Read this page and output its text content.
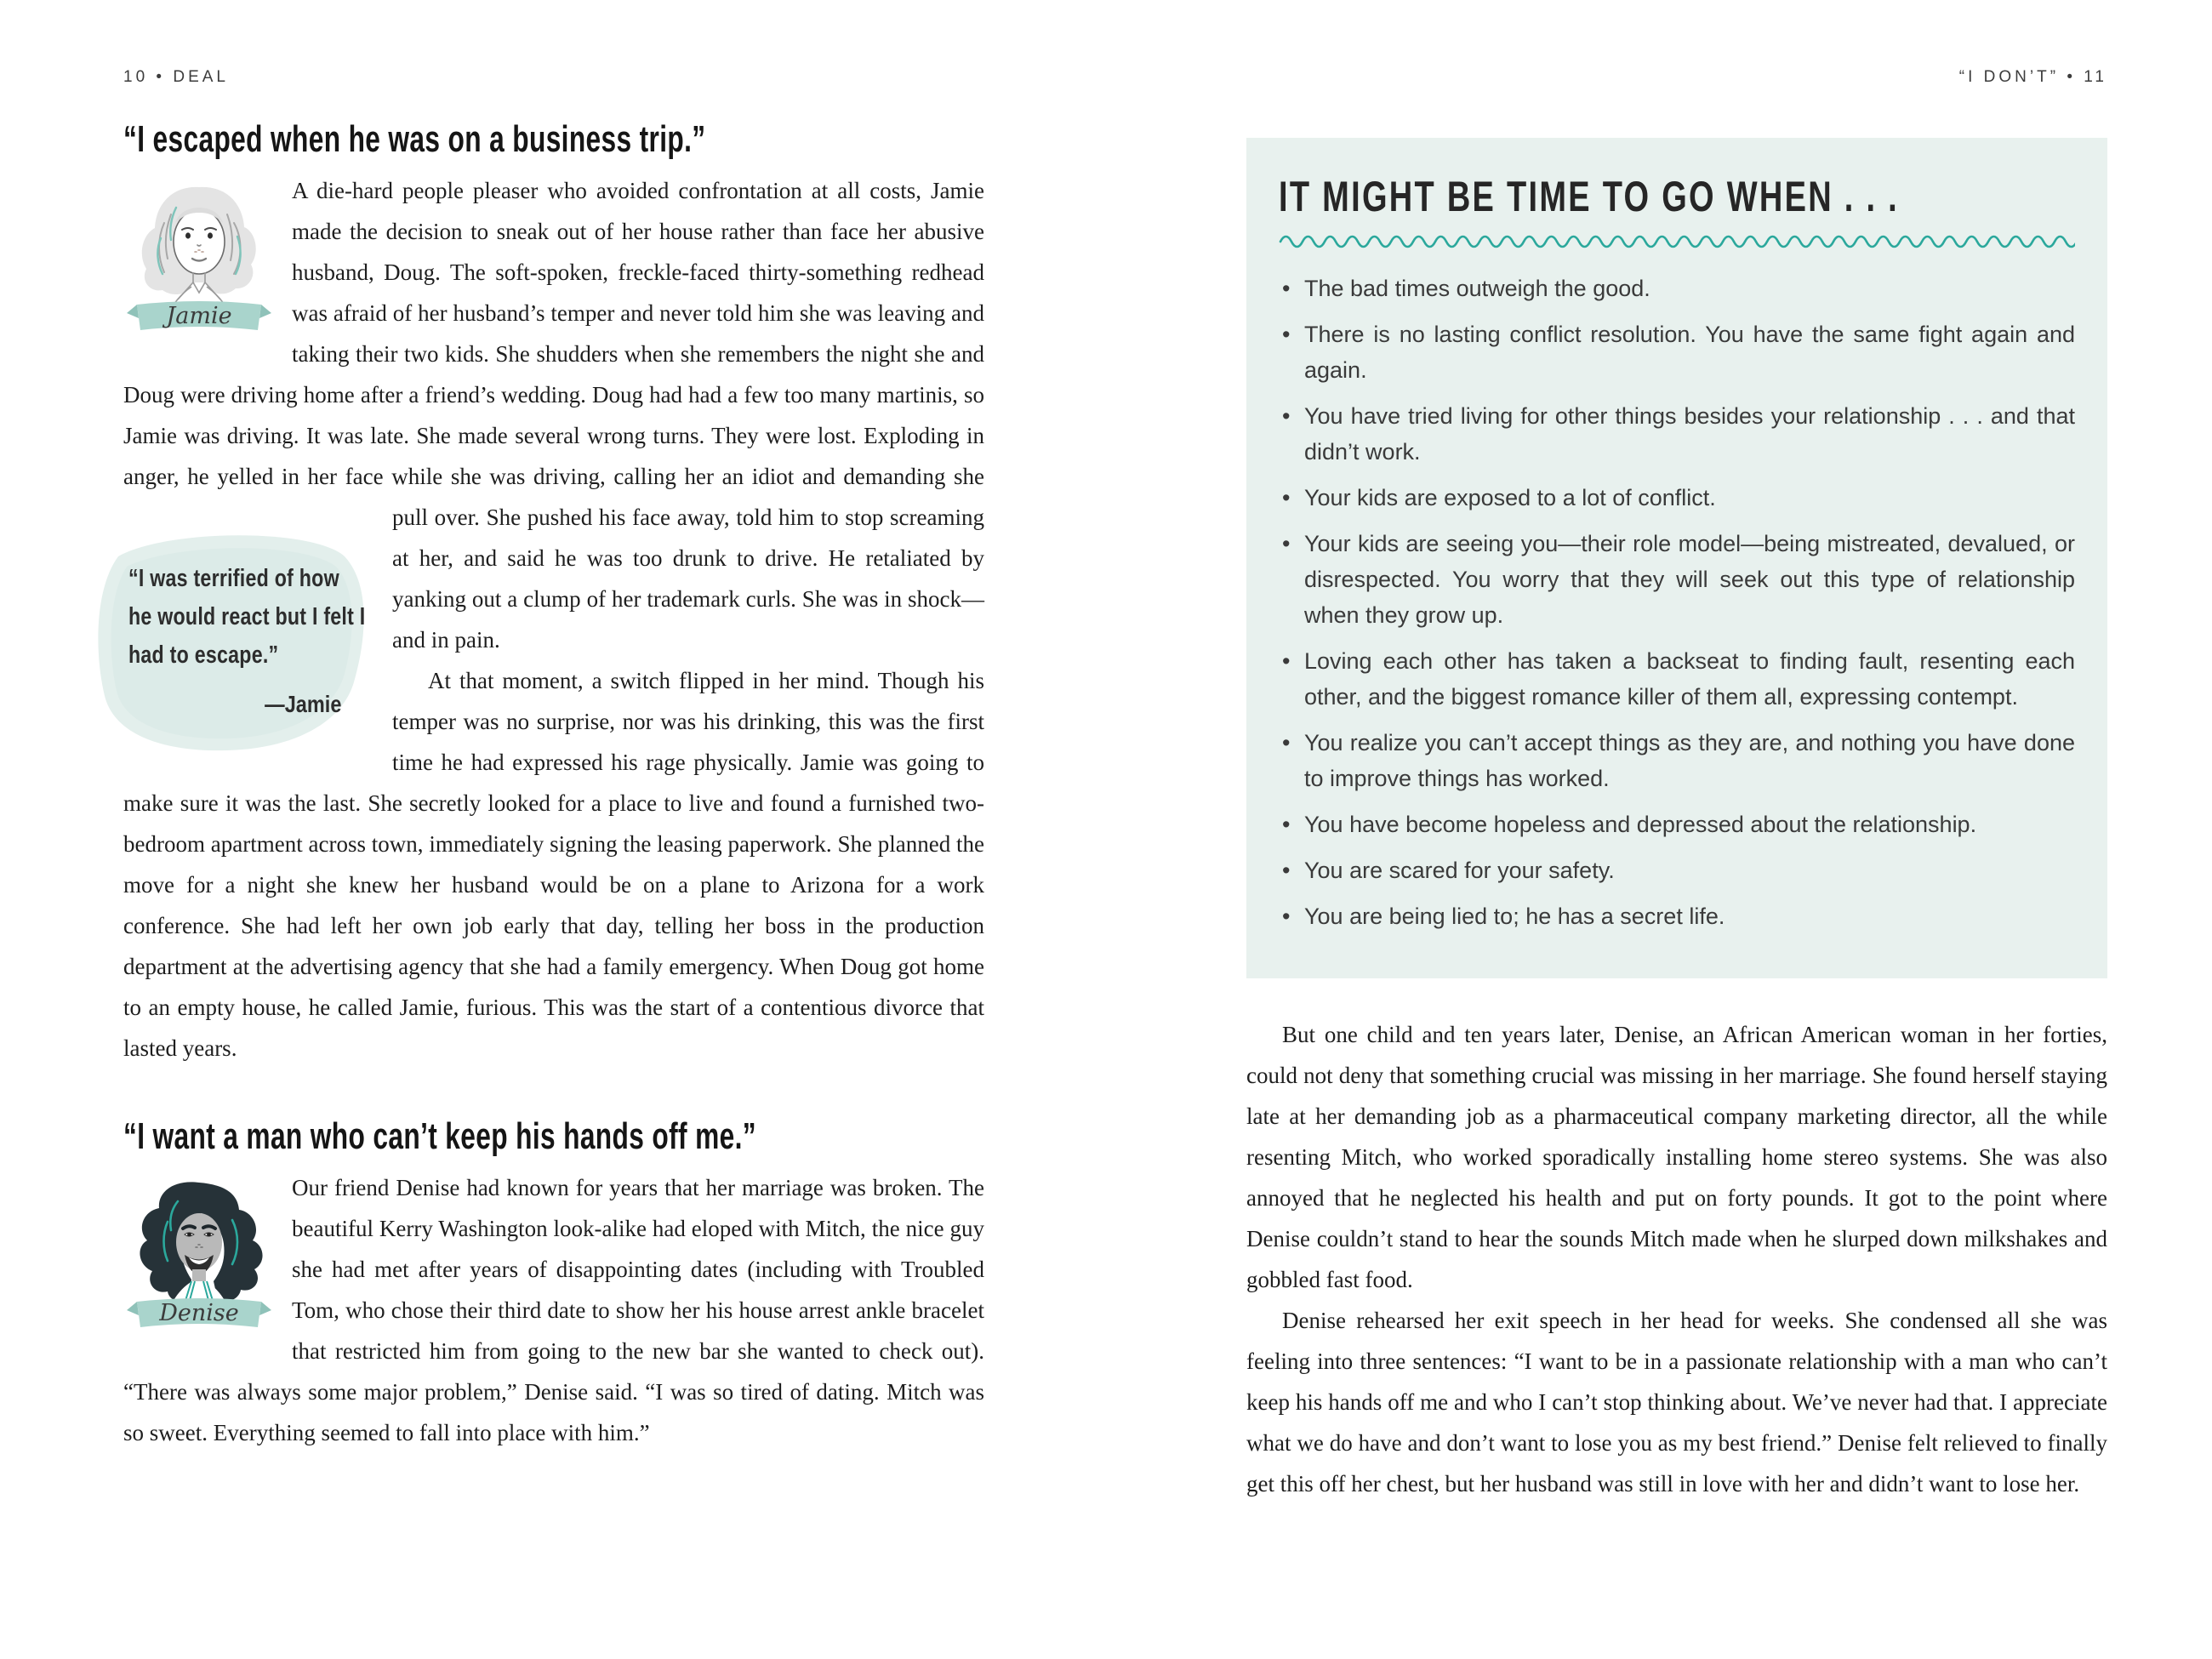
10 • DEAL
“I escaped when he was on a business trip.”
Jamie

A die-hard people pleaser who avoided confrontation at all costs, Jamie made the decision to sneak out of her house rather than face her abusive husband, Doug. The soft-spoken, freckle-faced thirty-something redhead was afraid of her husband’s temper and never told him she was leaving and taking their two kids. She shudders when she remembers the night she and Doug were driving home after a friend’s wedding. Doug had had a few too many martinis, so Jamie was driving. It was late. She made several wrong turns. They were lost. Exploding in anger, he yelled in her face while she was driving, calling her an idiot and demanding she pull over. She
“I was terrified of how he would react but I felt I had to escape.”
—Jamie
pushed his face away, told him to stop screaming at her, and said he was too drunk to drive. He retaliated by yanking out a clump of her trademark curls. She was in shock—and in pain.

At that moment, a switch flipped in her mind. Though his temper was no surprise, nor was his drinking, this was the first time he had expressed his rage physically. Jamie was going to make sure it was the last. She secretly looked for a place to live and found a furnished two-bedroom apartment across town, immediately signing the leasing paperwork. She planned the move for a night she knew her husband would be on a plane to Arizona for a work conference. She had left her own job early that day, telling her boss in the production department at the advertising agency that she had a family emergency. When Doug got home to an empty house, he called Jamie, furious. This was the start of a contentious divorce that lasted years.

“I want a man who can’t keep his hands off me.”
Denise

Our friend Denise had known for years that her marriage was broken. The beautiful Kerry Washington look-alike had eloped with Mitch, the nice guy she had met after years of disappointing dates (including with Troubled Tom, who chose their third date to show her his house arrest ankle bracelet that restricted him from going to the new bar she wanted to check out). “There was always some major problem,” Denise said. “I was so tired of dating. Mitch was so sweet. Everything seemed to fall into place with him.”

“I DON’T” • 11
IT MIGHT BE TIME TO GO WHEN . . .
• The bad times outweigh the good.
• There is no lasting conflict resolution. You have the same fight again and again.
• You have tried living for other things besides your relationship . . . and that didn’t work.
• Your kids are exposed to a lot of conflict.
• Your kids are seeing you—their role model—being mistreated, devalued, or disrespected. You worry that they will seek out this type of relationship when they grow up.
• Loving each other has taken a backseat to finding fault, resenting each other, and the biggest romance killer of them all, expressing contempt.
• You realize you can’t accept things as they are, and nothing you have done to improve things has worked.
• You have become hopeless and depressed about the relationship.
• You are scared for your safety.
• You are being lied to; he has a secret life.

But one child and ten years later, Denise, an African American woman in her forties, could not deny that something crucial was missing in her marriage. She found herself staying late at her demanding job as a pharmaceutical company marketing director, all the while resenting Mitch, who worked sporadically installing home stereo systems. She was also annoyed that he neglected his health and put on forty pounds. It got to the point where Denise couldn’t stand to hear the sounds Mitch made when he slurped down milkshakes and gobbled fast food.

Denise rehearsed her exit speech in her head for weeks. She condensed all she was feeling into three sentences: “I want to be in a passionate relationship with a man who can’t keep his hands off me and who I can’t stop thinking about. We’ve never had that. I appreciate what we do have and don’t want to lose you as my best friend.” Denise felt relieved to finally get this off her chest, but her husband was still in love with her and didn’t want to lose her.
